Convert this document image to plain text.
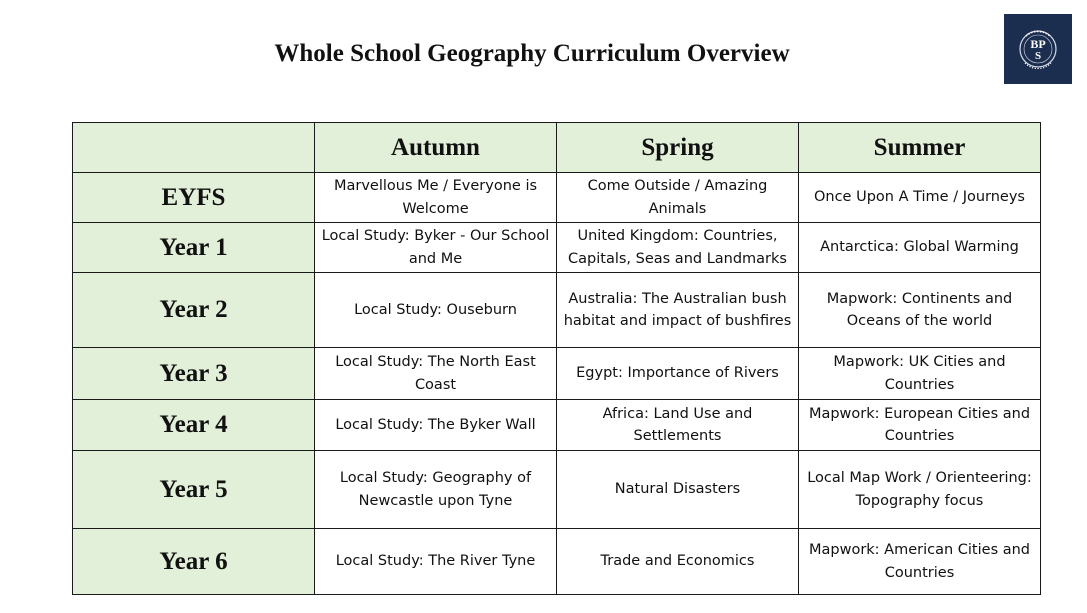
Whole School Geography Curriculum Overview	BP
S
	Autumn	Spring	Summer
EYFS	Marvellous Me / Everyone is Welcome	Come Outside / Amazing Animals	Once Upon A Time / Journeys
Year 1	Local Study: Byker - Our School and Me	United Kingdom: Countries, Capitals, Seas and Landmarks	Antarctica: Global Warming
Year 2	Local Study: Ouseburn	Australia: The Australian bush habitat and impact of bushfires	Mapwork: Continents and Oceans of the world
Year 3	Local Study: The North East Coast	Egypt: Importance of Rivers	Mapwork: UK Cities and Countries
Year 4	Local Study: The Byker Wall	Africa: Land Use and Settlements	Mapwork: European Cities and Countries
Year 5	Local Study: Geography of Newcastle upon Tyne	Natural Disasters	Local Map Work / Orienteering: Topography focus
Year 6	Local Study: The River Tyne	Trade and Economics	Mapwork: American Cities and Countries
